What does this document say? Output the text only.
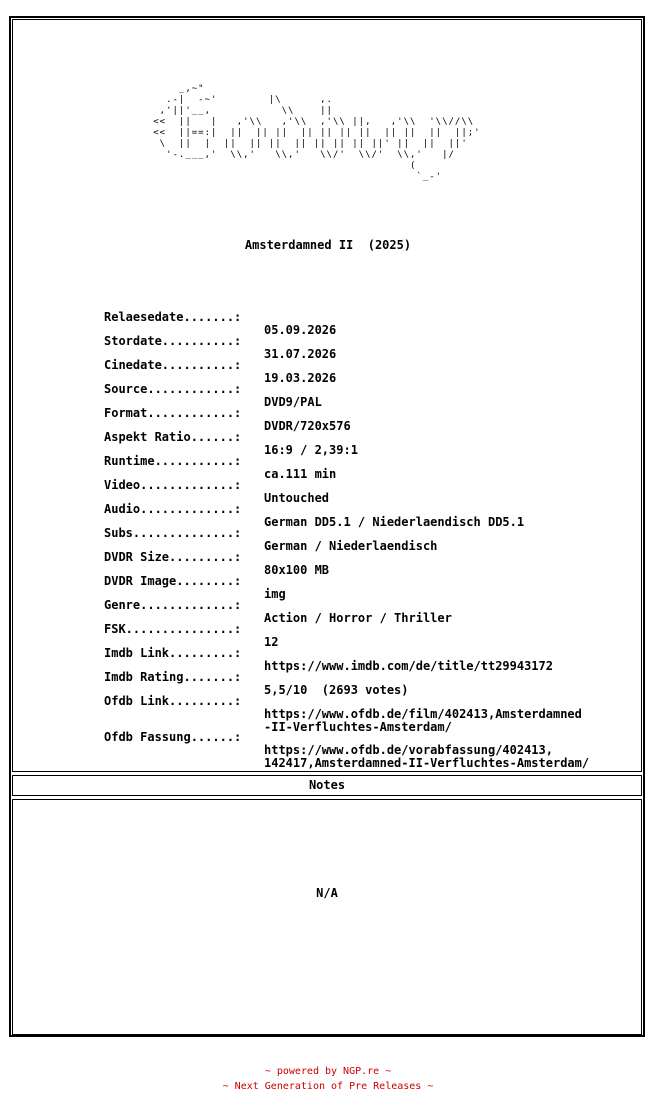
_,~"
.-|  -~'        |\      ,.
,'||'__,           \\    ||
<<  ||   |   ,'\\   ,'\\  ,'\\ ||,   ,'\\  '\\//\\
<<  ||==:|  ||  || ||  || || || ||  || ||  ||  ||;'
\  ||  |  ||  || ||  || || || || ||' ||  ||  ||'
'-.___,'  \\,'   \\,'   \\/'  \\/'  \\,'   |/
(
`_-'
Amsterdamned II  (2025)

Relaesedate.......:

05.09.2026

Stordate..........:

31.07.2026

Cinedate..........:

19.03.2026

Source............:

DVD9/PAL

Format............:

DVDR/720x576

Aspekt Ratio......:

16:9 / 2,39:1

Runtime...........:

ca.111 min

Video.............:

Untouched

Audio.............:

German DD5.1 / Niederlaendisch DD5.1

Subs..............:

German / Niederlaendisch

DVDR Size.........:

80x100 MB

DVDR Image........:

img

Genre.............:

Action / Horror / Thriller

FSK...............:

12

Imdb Link.........:

https://www.imdb.com/de/title/tt29943172

Imdb Rating.......:

5,5/10  (2693 votes)

Ofdb Link.........:

https://www.ofdb.de/film/402413,Amsterdamned
-II-Verfluchtes-Amsterdam/

Ofdb Fassung......:

https://www.ofdb.de/vorabfassung/402413,
142417,Amsterdamned-II-Verfluchtes-Amsterdam/

Notes
N/A
~ powered by NGP.re ~
~ Next Generation of Pre Releases ~
